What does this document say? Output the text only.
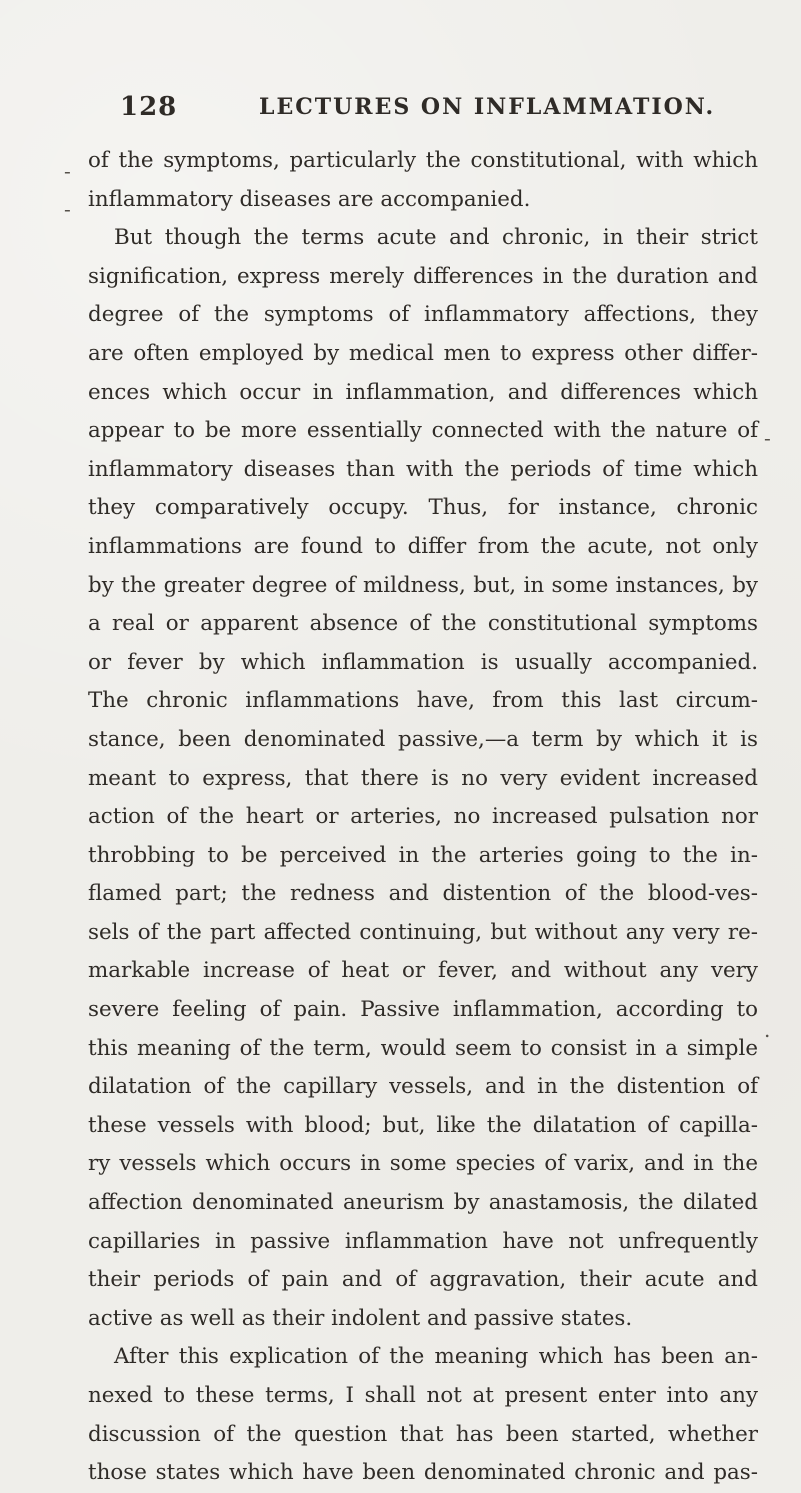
128	LECTURES ON INFLAMMATION.
-
-
-
.
of the symptoms, particularly the constitutional, with which
inflammatory diseases are accompanied.
But though the terms acute and chronic, in their strict
signification, express merely differences in the duration and
degree of the symptoms of inflammatory affections, they
are often employed by medical men to express other differ-
ences which occur in inflammation, and differences which
appear to be more essentially connected with the nature of
inflammatory diseases than with the periods of time which
they comparatively occupy. Thus, for instance, chronic
inflammations are found to differ from the acute, not only
by the greater degree of mildness, but, in some instances, by
a real or apparent absence of the constitutional symptoms
or fever by which inflammation is usually accompanied.
The chronic inflammations have, from this last circum-
stance, been denominated passive,—a term by which it is
meant to express, that there is no very evident increased
action of the heart or arteries, no increased pulsation nor
throbbing to be perceived in the arteries going to the in-
flamed part; the redness and distention of the blood-ves-
sels of the part affected continuing, but without any very re-
markable increase of heat or fever, and without any very
severe feeling of pain. Passive inflammation, according to
this meaning of the term, would seem to consist in a simple
dilatation of the capillary vessels, and in the distention of
these vessels with blood; but, like the dilatation of capilla-
ry vessels which occurs in some species of varix, and in the
affection denominated aneurism by anastamosis, the dilated
capillaries in passive inflammation have not unfrequently
their periods of pain and of aggravation, their acute and
active as well as their indolent and passive states.
After this explication of the meaning which has been an-
nexed to these terms, I shall not at present enter into any
discussion of the question that has been started, whether
those states which have been denominated chronic and pas-
